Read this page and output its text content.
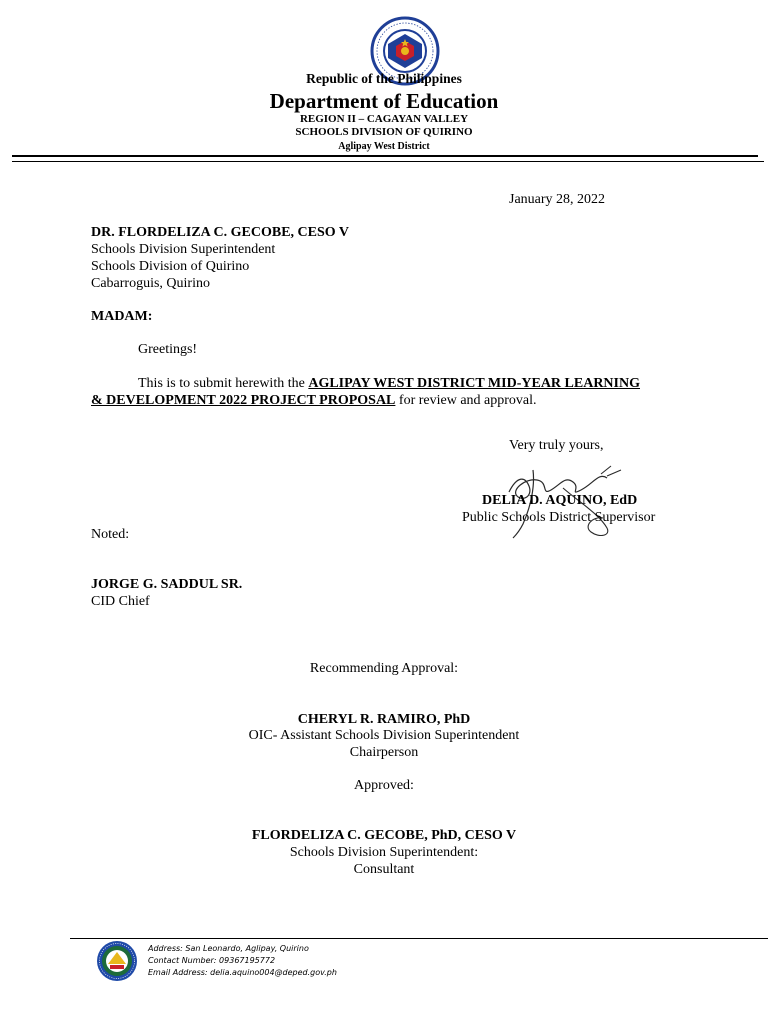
Republic of the Philippines
Department of Education
REGION II – CAGAYAN VALLEY
SCHOOLS DIVISION OF QUIRINO
Aglipay West District
January 28, 2022
DR. FLORDELIZA C. GECOBE, CESO V
Schools Division Superintendent
Schools Division of Quirino
Cabarroguis, Quirino
MADAM:
Greetings!
This is to submit herewith the AGLIPAY WEST DISTRICT MID-YEAR LEARNING
& DEVELOPMENT 2022 PROJECT PROPOSAL for review and approval.
Very truly yours,
DELIA D. AQUINO, EdD
Public Schools District Supervisor
Noted:
JORGE G. SADDUL SR.
CID Chief
Recommending Approval:
CHERYL R. RAMIRO, PhD
OIC- Assistant Schools Division Superintendent
Chairperson
Approved:
FLORDELIZA C. GECOBE, PhD, CESO V
Schools Division Superintendent:
Consultant
Address: San Leonardo, Aglipay, Quirino
Contact Number: 09367195772
Email Address: delia.aquino004@deped.gov.ph
